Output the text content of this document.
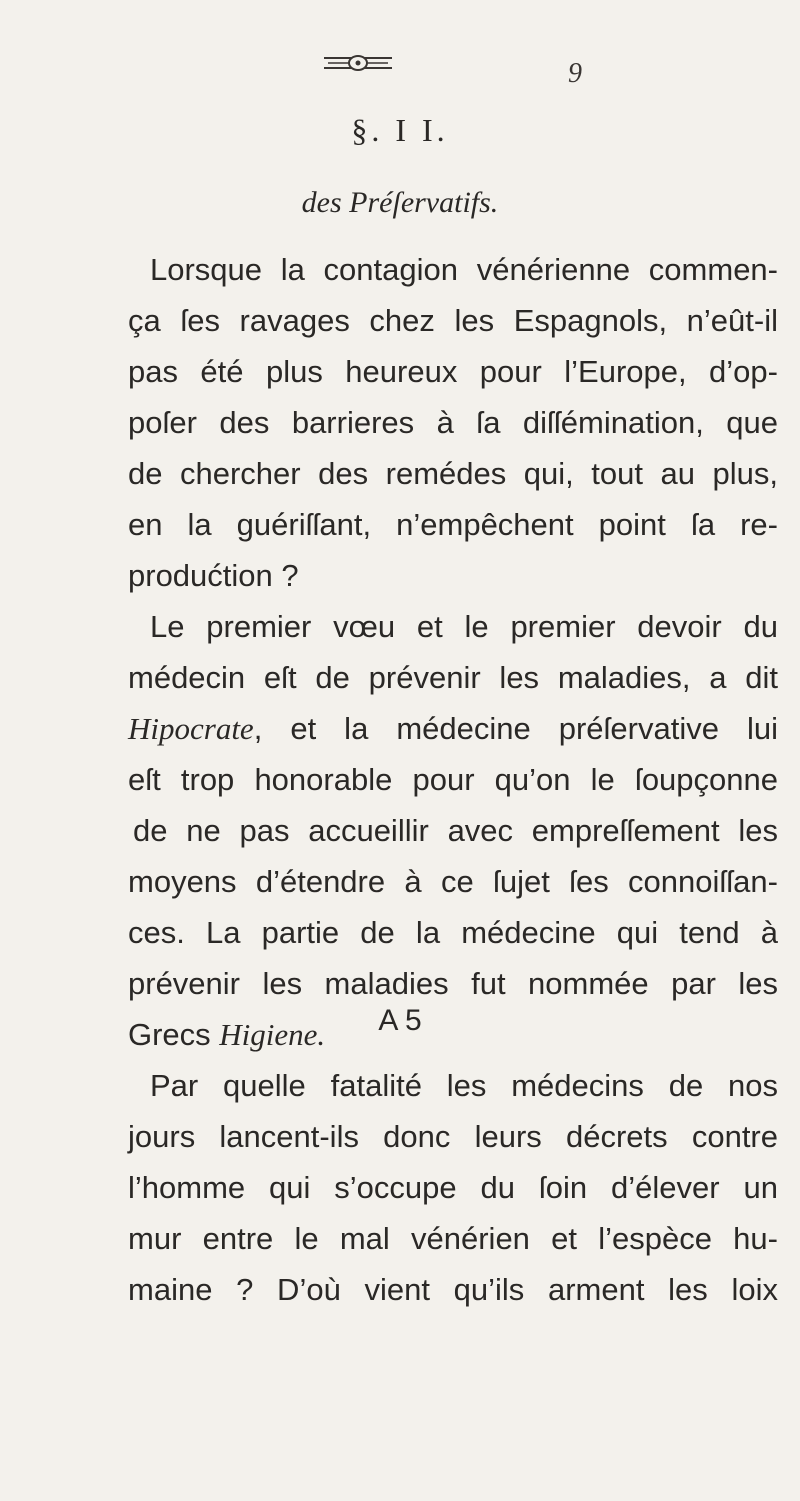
9
§. I I.
des Préſervatifs.
Lorsque la contagion vénérienne commen-
ça ſes ravages chez les Espagnols, n’eût-il
pas été plus heureux pour l’Europe, d’op-
poſer des barrieres à ſa diſſémination, que
de chercher des remédes qui, tout au plus,
en la guériſſant, n’empêchent point ſa re-
produćtion ?
Le premier vœu et le premier devoir du
médecin eſt de prévenir les maladies, a dit
Hipocrate, et la médecine préſervative lui
eſt trop honorable pour qu’on le ſoupçonne
de ne pas accueillir avec empreſſement les
moyens d’étendre à ce ſujet ſes connoiſſan-
ces. La partie de la médecine qui tend à
prévenir les maladies fut nommée par les
Grecs Higiene.
Par quelle fatalité les médecins de nos
jours lancent-ils donc leurs décrets contre
l’homme qui s’occupe du ſoin d’élever un
mur entre le mal vénérien et l’espèce hu-
maine ? D’où vient qu’ils arment les loix
A 5
